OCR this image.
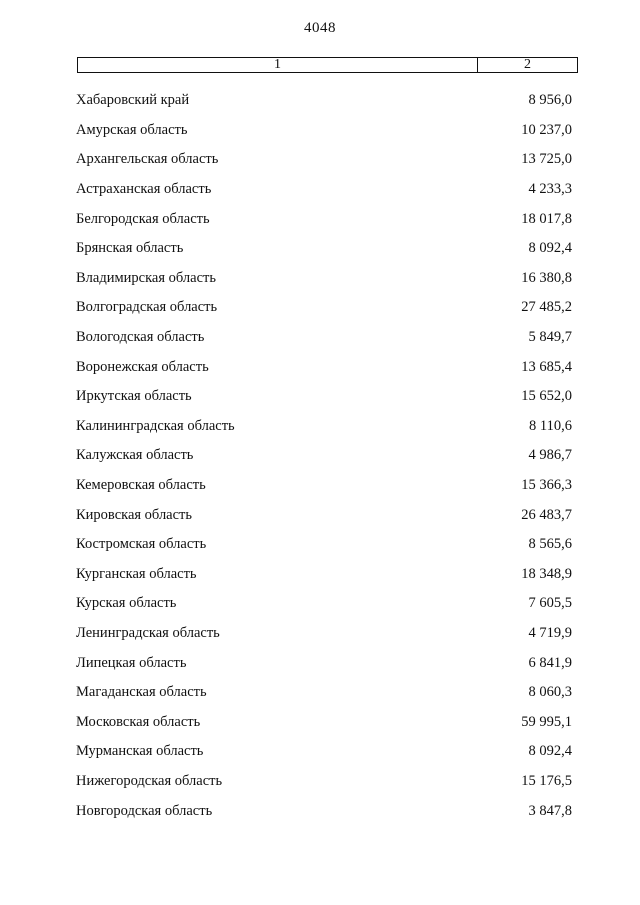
4048
1	2
Хабаровский край	8 956,0
Амурская область	10 237,0
Архангельская область	13 725,0
Астраханская область	4 233,3
Белгородская область	18 017,8
Брянская область	8 092,4
Владимирская область	16 380,8
Волгоградская область	27 485,2
Вологодская область	5 849,7
Воронежская область	13 685,4
Иркутская область	15 652,0
Калининградская область	8 110,6
Калужская область	4 986,7
Кемеровская область	15 366,3
Кировская область	26 483,7
Костромская область	8 565,6
Курганская область	18 348,9
Курская область	7 605,5
Ленинградская область	4 719,9
Липецкая область	6 841,9
Магаданская область	8 060,3
Московская область	59 995,1
Мурманская область	8 092,4
Нижегородская область	15 176,5
Новгородская область	3 847,8
